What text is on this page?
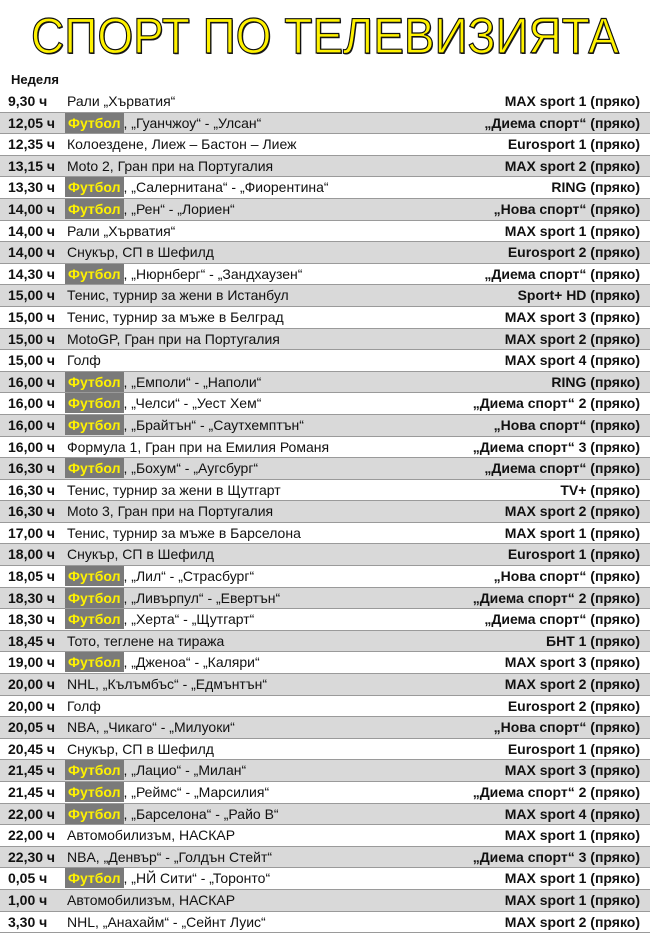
СПОРТ ПО ТЕЛЕВИЗИЯТА
Неделя
9,30 ч	Рали „Хърватия“	MAX sport 1 (пряко)
12,05 ч Футбол , „Гуанчжоу“ - „Улсан“	„Диема спорт“ (пряко)
12,35 ч Колоездене, Лиеж – Бастон – Лиеж	Eurosport 1 (пряко)
13,15 ч Moto 2, Гран при на Португалия	MAX sport 2 (пряко)
13,30 ч Футбол , „Салернитана“ - „Фиорентина“	RING (пряко)
14,00 ч Футбол , „Рен“ - „Лориен“	„Нова спорт“ (пряко)
14,00 ч Рали „Хърватия“	MAX sport 1 (пряко)
14,00 ч Снукър, СП в Шефилд	Eurosport 2 (пряко)
14,30 ч Футбол , „Нюрнберг“ - „Зандхаузен“	„Диема спорт“ (пряко)
15,00 ч Тенис, турнир за жени в Истанбул	Sport+ HD (пряко)
15,00 ч Тенис, турнир за мъже в Белград	MAX sport 3 (пряко)
15,00 ч MotoGP, Гран при на Португалия	MAX sport 2 (пряко)
15,00 ч Голф	MAX sport 4 (пряко)
16,00 ч Футбол , „Емполи“ - „Наполи“	RING (пряко)
16,00 ч Футбол , „Челси“ - „Уест Хем“	„Диема спорт“ 2 (пряко)
16,00 ч Футбол , „Брайтън“ - „Саутхемптън“	„Нова спорт“ (пряко)
16,00 ч Формула 1, Гран при на Емилия Романя	„Диема спорт“ 3 (пряко)
16,30 ч Футбол , „Бохум“ - „Аугсбург“	„Диема спорт“ (пряко)
16,30 ч Тенис, турнир за жени в Щутгарт	TV+ (пряко)
16,30 ч Moto 3, Гран при на Португалия	MAX sport 2 (пряко)
17,00 ч Тенис, турнир за мъже в Барселона	MAX sport 1 (пряко)
18,00 ч Снукър, СП в Шефилд	Eurosport 1 (пряко)
18,05 ч Футбол , „Лил“ - „Страсбург“	„Нова спорт“ (пряко)
18,30 ч Футбол , „Ливърпул“ - „Евертън“	„Диема спорт“ 2 (пряко)
18,30 ч Футбол , „Херта“ - „Щутгарт“	„Диема спорт“ (пряко)
18,45 ч Тото, теглене на тиража	БНТ 1 (пряко)
19,00 ч Футбол , „Дженоа“ - „Каляри“	MAX sport 3 (пряко)
20,00 ч NHL, „Кълъмбъс“ - „Едмънтън“	MAX sport 2 (пряко)
20,00 ч Голф	Eurosport 2 (пряко)
20,05 ч NBA, „Чикаго“ - „Милуоки“	„Нова спорт“ (пряко)
20,45 ч Снукър, СП в Шефилд	Eurosport 1 (пряко)
21,45 ч Футбол , „Лацио“ - „Милан“	MAX sport 3 (пряко)
21,45 ч Футбол , „Реймс“ - „Марсилия“	„Диема спорт“ 2 (пряко)
22,00 ч Футбол , „Барселона“ - „Райо В“	MAX sport 4 (пряко)
22,00 ч Автомобилизъм, НАСКАР	MAX sport 1 (пряко)
22,30 ч NBA, „Денвър“ - „Голдън Стейт“	„Диема спорт“ 3 (пряко)
0,05 ч	Футбол , „НЙ Сити“ - „Торонто“	MAX sport 1 (пряко)
1,00 ч	Автомобилизъм, НАСКАР	MAX sport 1 (пряко)
3,30 ч	NHL, „Анахайм“ - „Сейнт Луис“	MAX sport 2 (пряко)
